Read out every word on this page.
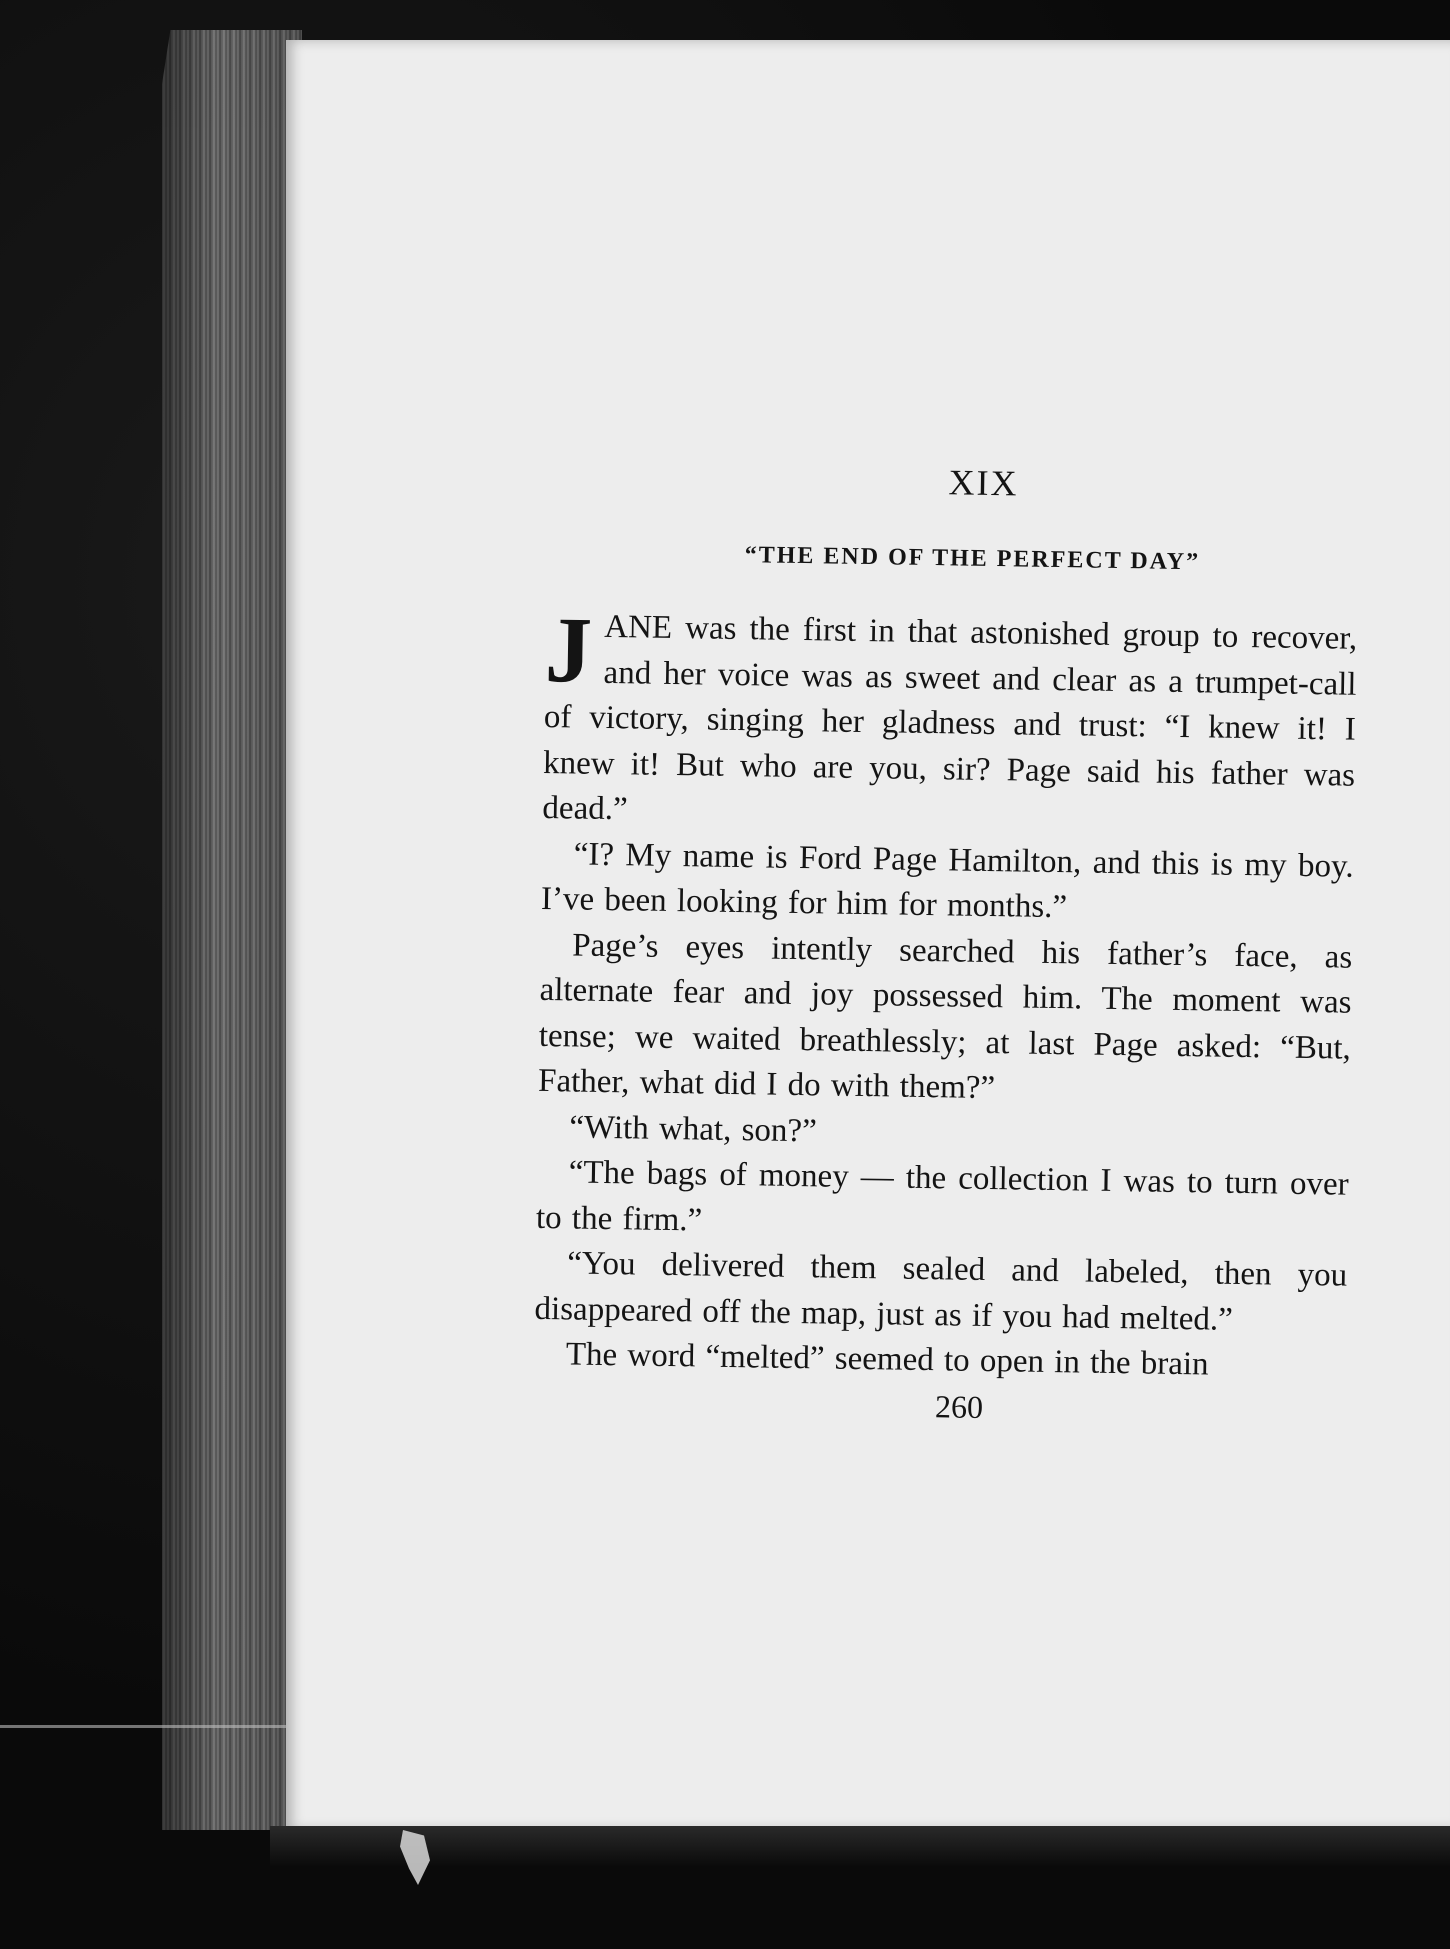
XIX
“THE END OF THE PERFECT DAY”

JANE was the first in that astonished group to recover, and her voice was as sweet and clear as a trumpet-call of victory, singing her gladness and trust: “I knew it! I knew it! But who are you, sir? Page said his father was dead.”

“I? My name is Ford Page Hamilton, and this is my boy. I’ve been looking for him for months.”

Page’s eyes intently searched his father’s face, as alternate fear and joy possessed him. The moment was tense; we waited breathlessly; at last Page asked: “But, Father, what did I do with them?”

“With what, son?”

“The bags of money — the collection I was to turn over to the firm.”

“You delivered them sealed and labeled, then you disappeared off the map, just as if you had melted.”

The word “melted” seemed to open in the brain

260
